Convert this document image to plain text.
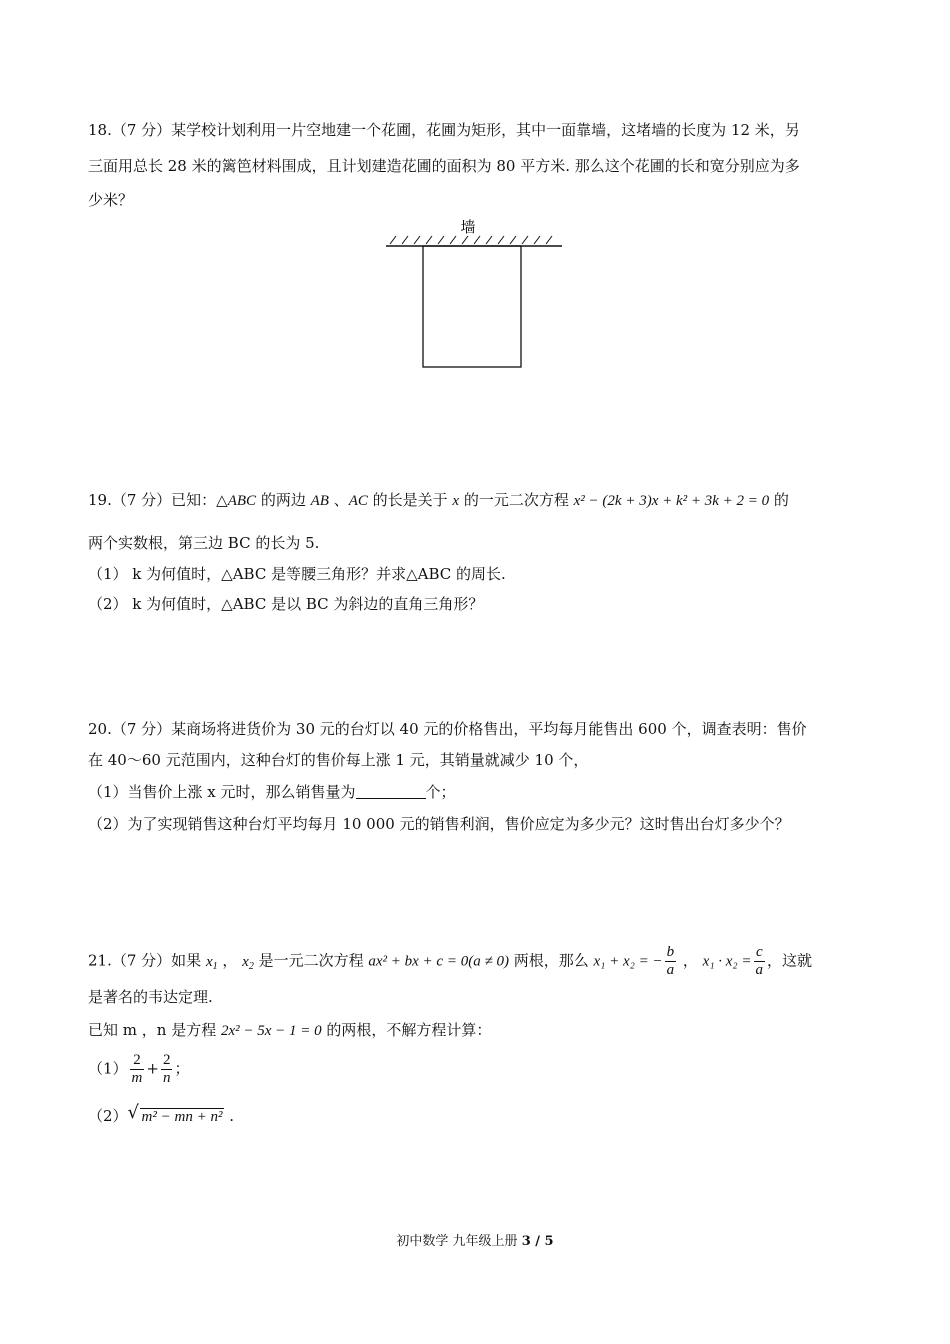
18.（7 分）某学校计划利用一片空地建一个花圃，花圃为矩形，其中一面靠墙，这堵墙的长度为 12 米，另
三面用总长 28 米的篱笆材料围成，且计划建造花圃的面积为 80 平方米. 那么这个花圃的长和宽分别应为多
少米？
墙
19.（7 分）已知：△ABC 的两边 AB 、AC 的长是关于 x 的一元二次方程 x² − (2k + 3)x + k² + 3k + 2 = 0 的
两个实数根，第三边 BC 的长为 5.
（1） k 为何值时，△ABC 是等腰三角形？并求△ABC 的周长.
（2） k 为何值时，△ABC 是以 BC 为斜边的直角三角形？
20.（7 分）某商场将进货价为 30 元的台灯以 40 元的价格售出，平均每月能售出 600 个，调查表明：售价
在 40～60 元范围内，这种台灯的售价每上涨 1 元，其销量就减少 10 个，
（1）当售价上涨 x 元时，那么销售量为	个；
（2）为了实现销售这种台灯平均每月 10 000 元的销售利润，售价应定为多少元？这时售出台灯多少个？
21.（7 分）如果 $x_1$ ， $x_2$ 是一元二次方程 ax² + bx + c = 0(a ≠ 0) 两根，那么 x₁ + x₂ = − $\frac{b}{a}$ ， $x_1 \cdot x_2 = \frac{c}{a}$ ，这就
是著名的韦达定理.
已知 m ，n 是方程 2x² − 5x − 1 = 0 的两根，不解方程计算：
$(1) \frac{2}{m} + \frac{2}{n}$ ；
（2） √ m² − mn + n² .
初中数学 九年级上册 3 / 5
